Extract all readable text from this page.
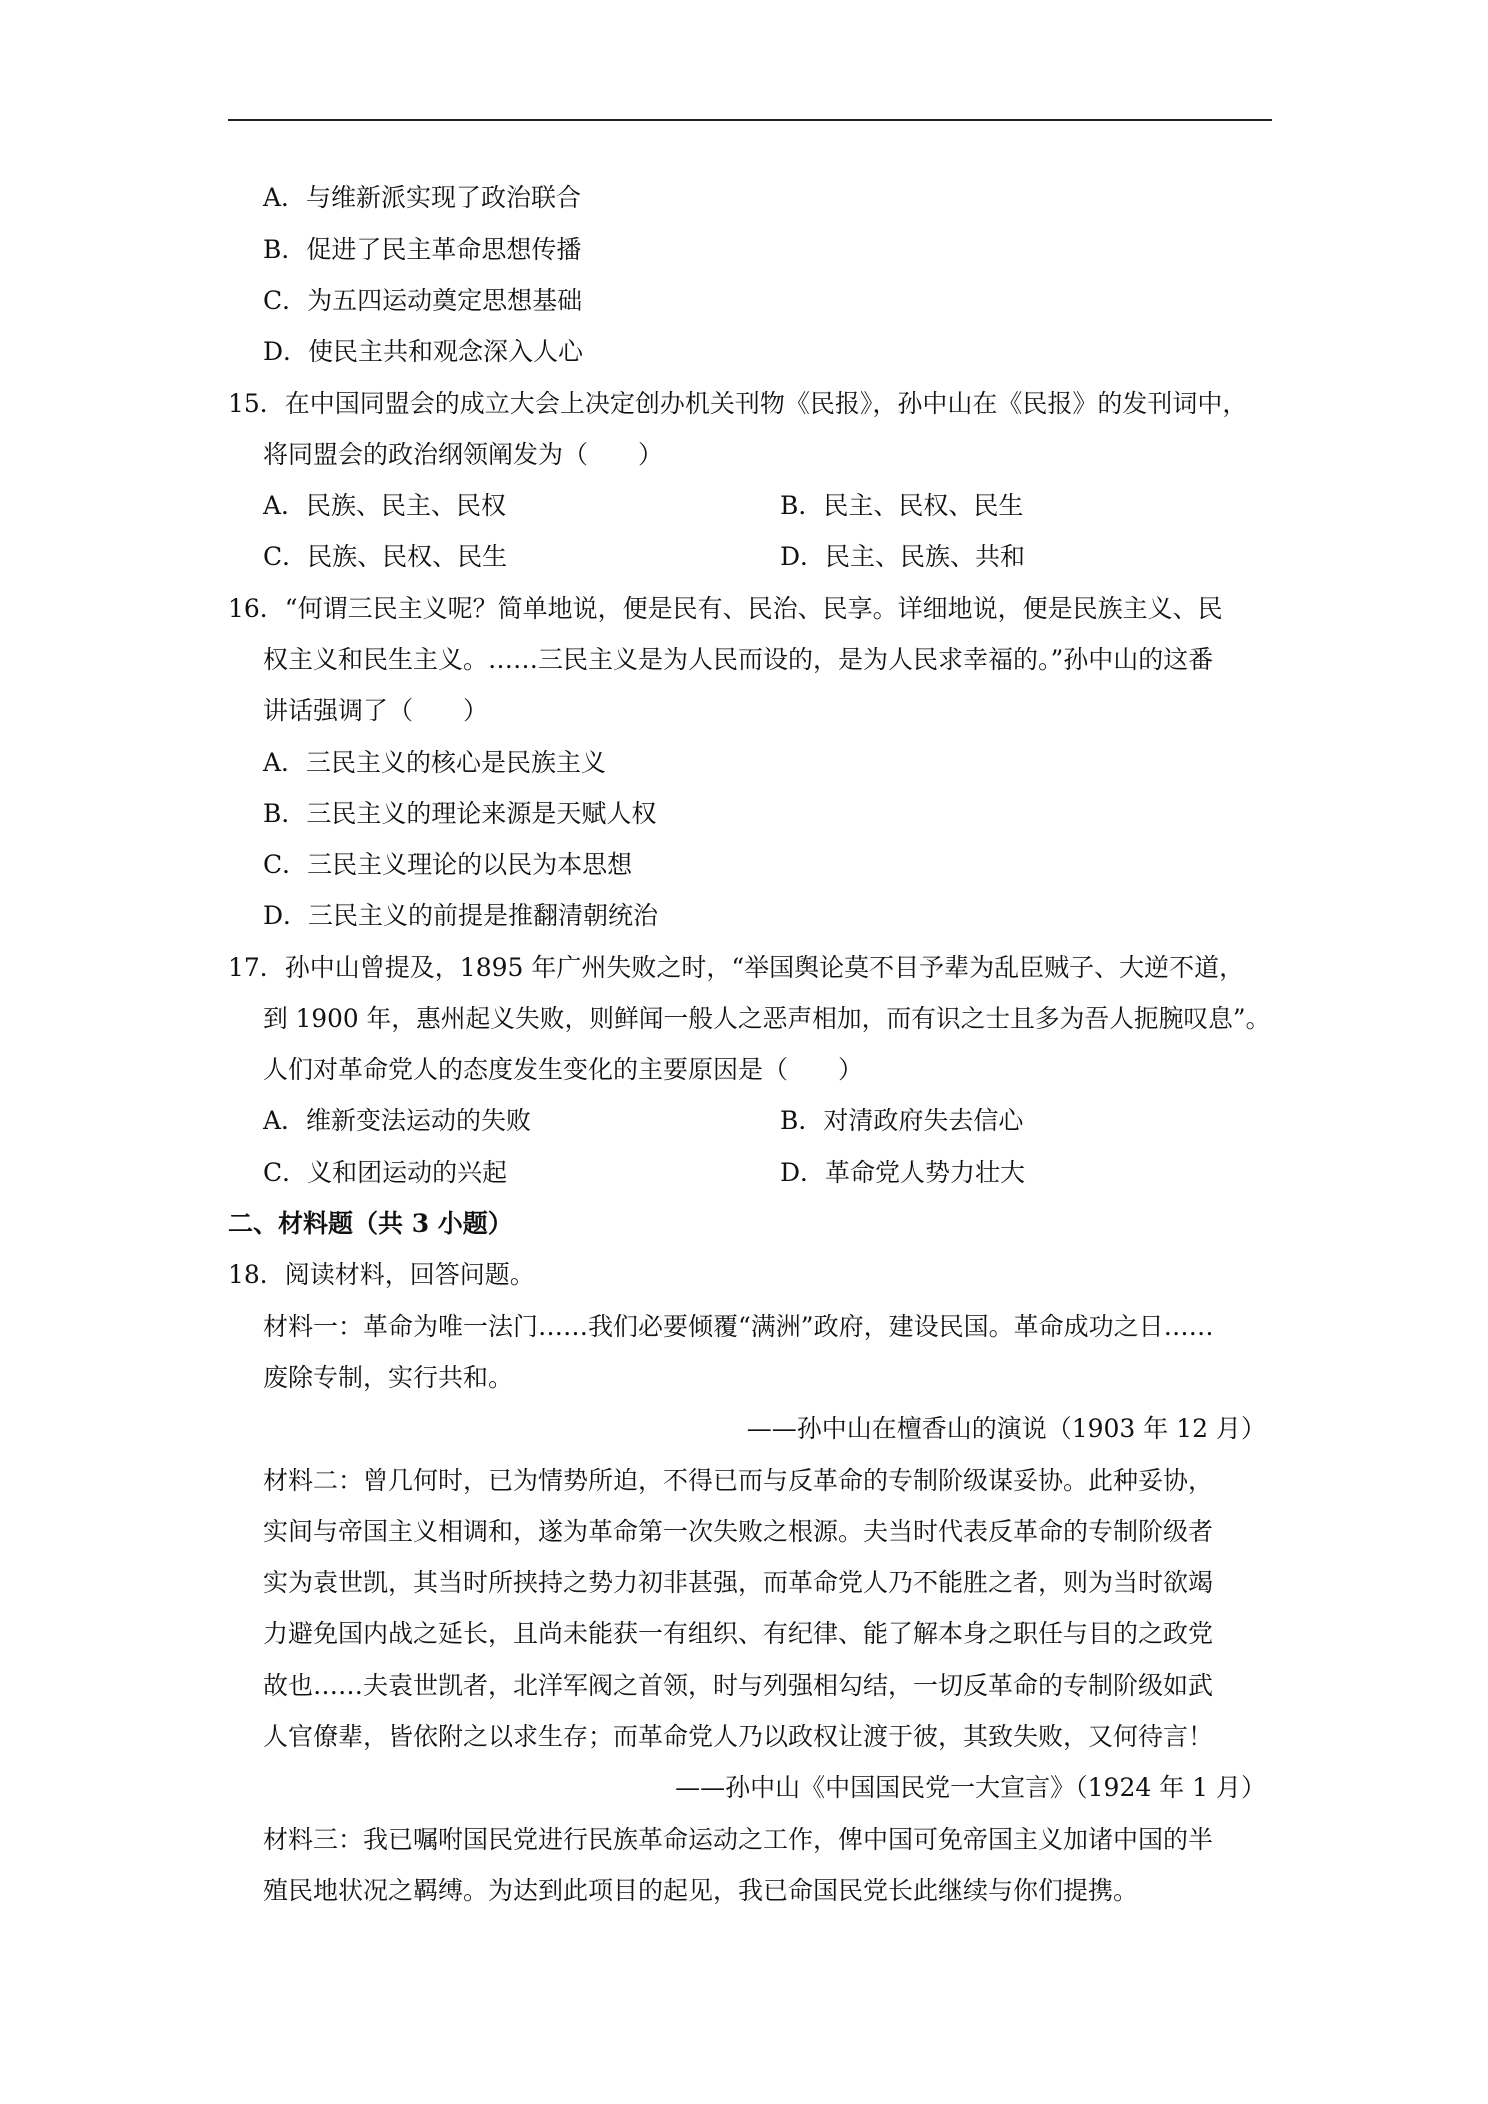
A．与维新派实现了政治联合
B．促进了民主革命思想传播
C．为五四运动奠定思想基础
D．使民主共和观念深入人心
15．在中国同盟会的成立大会上决定创办机关刊物《民报》，孙中山在《民报》的发刊词中，
将同盟会的政治纲领阐发为（　　）
A．民族、民主、民权	B．民主、民权、民生
C．民族、民权、民生	D．民主、民族、共和
16．“何谓三民主义呢？简单地说，便是民有、民治、民享。详细地说，便是民族主义、民
权主义和民生主义。……三民主义是为人民而设的，是为人民求幸福的。”孙中山的这番
讲话强调了（　　）
A．三民主义的核心是民族主义
B．三民主义的理论来源是天赋人权
C．三民主义理论的以民为本思想
D．三民主义的前提是推翻清朝统治
17．孙中山曾提及，1895 年广州失败之时，“举国舆论莫不目予辈为乱臣贼子、大逆不道，
到 1900 年，惠州起义失败，则鲜闻一般人之恶声相加，而有识之士且多为吾人扼腕叹息”。
人们对革命党人的态度发生变化的主要原因是（　　）
A．维新变法运动的失败	B．对清政府失去信心
C．义和团运动的兴起	D．革命党人势力壮大
二、材料题（共 3 小题）
18．阅读材料，回答问题。
材料一：革命为唯一法门……我们必要倾覆“满洲”政府，建设民国。革命成功之日……
废除专制，实行共和。
——孙中山在檀香山的演说（1903 年 12 月）
材料二：曾几何时，已为情势所迫，不得已而与反革命的专制阶级谋妥协。此种妥协，
实间与帝国主义相调和，遂为革命第一次失败之根源。夫当时代表反革命的专制阶级者
实为袁世凯，其当时所挟持之势力初非甚强，而革命党人乃不能胜之者，则为当时欲竭
力避免国内战之延长，且尚未能获一有组织、有纪律、能了解本身之职任与目的之政党
故也……夫袁世凯者，北洋军阀之首领，时与列强相勾结，一切反革命的专制阶级如武
人官僚辈，皆依附之以求生存；而革命党人乃以政权让渡于彼，其致失败，又何待言！
——孙中山《中国国民党一大宣言》（1924 年 1 月）
材料三：我已嘱咐国民党进行民族革命运动之工作，俾中国可免帝国主义加诸中国的半
殖民地状况之羁缚。为达到此项目的起见，我已命国民党长此继续与你们提携。
